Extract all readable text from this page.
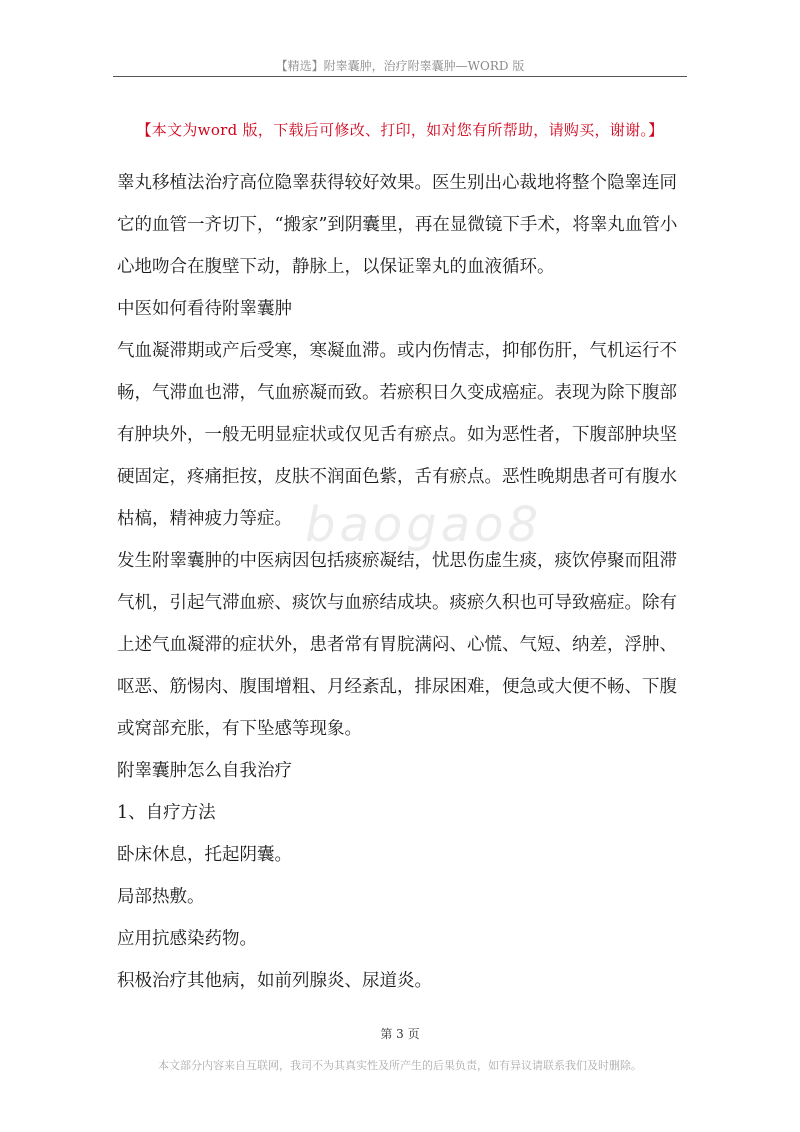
【精选】附睾囊肿，治疗附睾囊肿—WORD 版
【本文为word 版，下载后可修改、打印，如对您有所帮助，请购买，谢谢。】

睾丸移植法治疗高位隐睾获得较好效果。医生别出心裁地将整个隐睾连同它的血管一齐切下，“搬家”到阴囊里，再在显微镜下手术，将睾丸血管小心地吻合在腹壁下动，静脉上，以保证睾丸的血液循环。

中医如何看待附睾囊肿

气血凝滞期或产后受寒，寒凝血滞。或内伤情志，抑郁伤肝，气机运行不畅，气滞血也滞，气血瘀凝而致。若瘀积日久变成癌症。表现为除下腹部有肿块外，一般无明显症状或仅见舌有瘀点。如为恶性者，下腹部肿块坚硬固定，疼痛拒按，皮肤不润面色紫，舌有瘀点。恶性晚期患者可有腹水枯槁，精神疲力等症。

发生附睾囊肿的中医病因包括痰瘀凝结，忧思伤虚生痰，痰饮停聚而阻滞气机，引起气滞血瘀、痰饮与血瘀结成块。痰瘀久积也可导致癌症。除有上述气血凝滞的症状外，患者常有胃脘满闷、心慌、气短、纳差，浮肿、呕恶、筋惕肉、腹围增粗、月经紊乱，排尿困难，便急或大便不畅、下腹或窝部充胀，有下坠感等现象。

附睾囊肿怎么自我治疗

1、自疗方法

卧床休息，托起阴囊。

局部热敷。

应用抗感染药物。

积极治疗其他病，如前列腺炎、尿道炎。

baogao8
第 3 页
本文部分内容来自互联网，我司不为其真实性及所产生的后果负责，如有异议请联系我们及时删除。
